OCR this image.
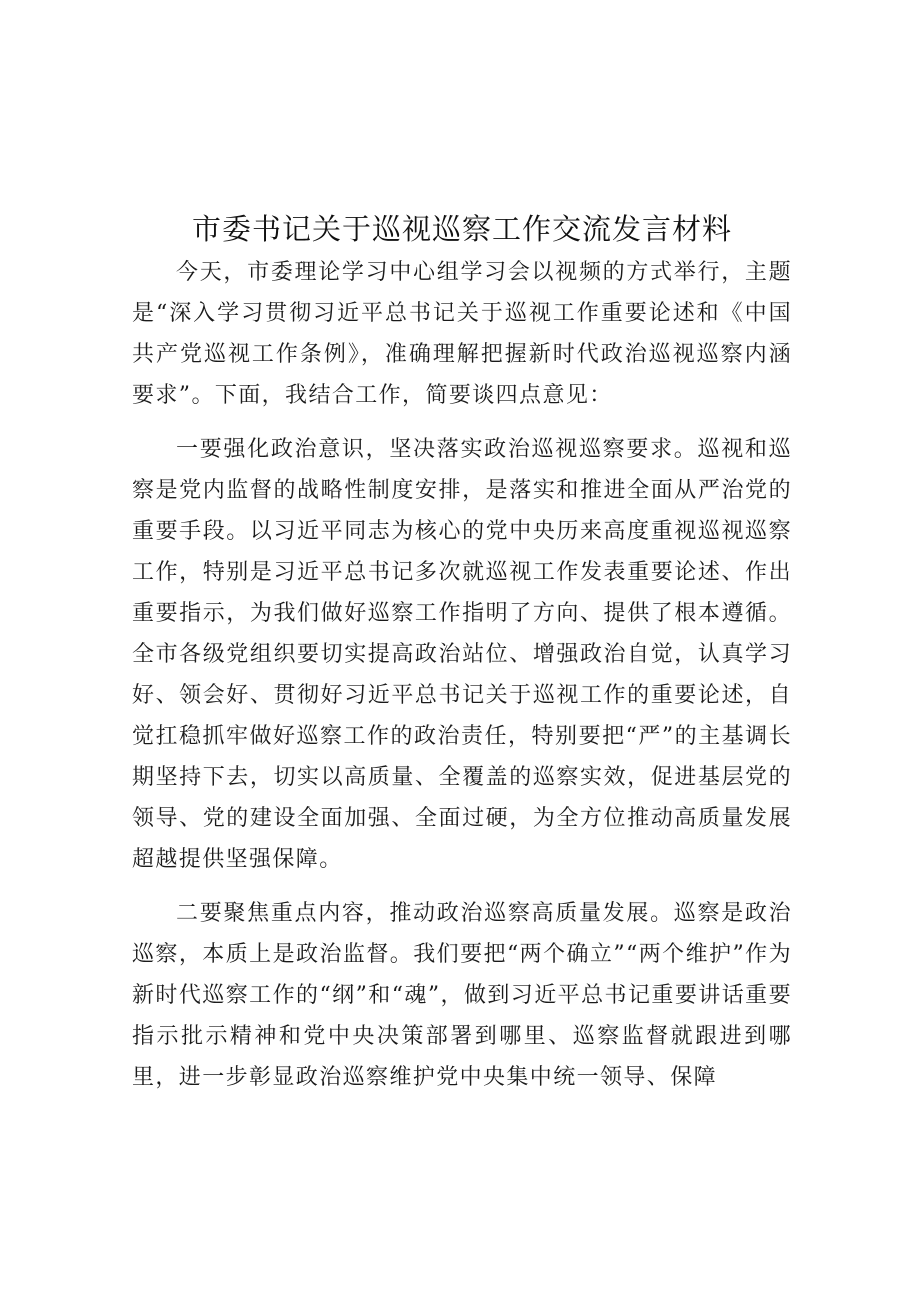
市委书记关于巡视巡察工作交流发言材料

今天，市委理论学习中心组学习会以视频的方式举行，主题是“深入学习贯彻习近平总书记关于巡视工作重要论述和《中国共产党巡视工作条例》，准确理解把握新时代政治巡视巡察内涵要求”。下面，我结合工作，简要谈四点意见：

一要强化政治意识，坚决落实政治巡视巡察要求。巡视和巡察是党内监督的战略性制度安排，是落实和推进全面从严治党的重要手段。以习近平同志为核心的党中央历来高度重视巡视巡察工作，特别是习近平总书记多次就巡视工作发表重要论述、作出重要指示，为我们做好巡察工作指明了方向、提供了根本遵循。全市各级党组织要切实提高政治站位、增强政治自觉，认真学习好、领会好、贯彻好习近平总书记关于巡视工作的重要论述，自觉扛稳抓牢做好巡察工作的政治责任，特别要把“严”的主基调长期坚持下去，切实以高质量、全覆盖的巡察实效，促进基层党的领导、党的建设全面加强、全面过硬，为全方位推动高质量发展超越提供坚强保障。

二要聚焦重点内容，推动政治巡察高质量发展。巡察是政治巡察，本质上是政治监督。我们要把“两个确立”“两个维护”作为新时代巡察工作的“纲”和“魂”，做到习近平总书记重要讲话重要指示批示精神和党中央决策部署到哪里、巡察监督就跟进到哪里，进一步彰显政治巡察维护党中央集中统一领导、保障
